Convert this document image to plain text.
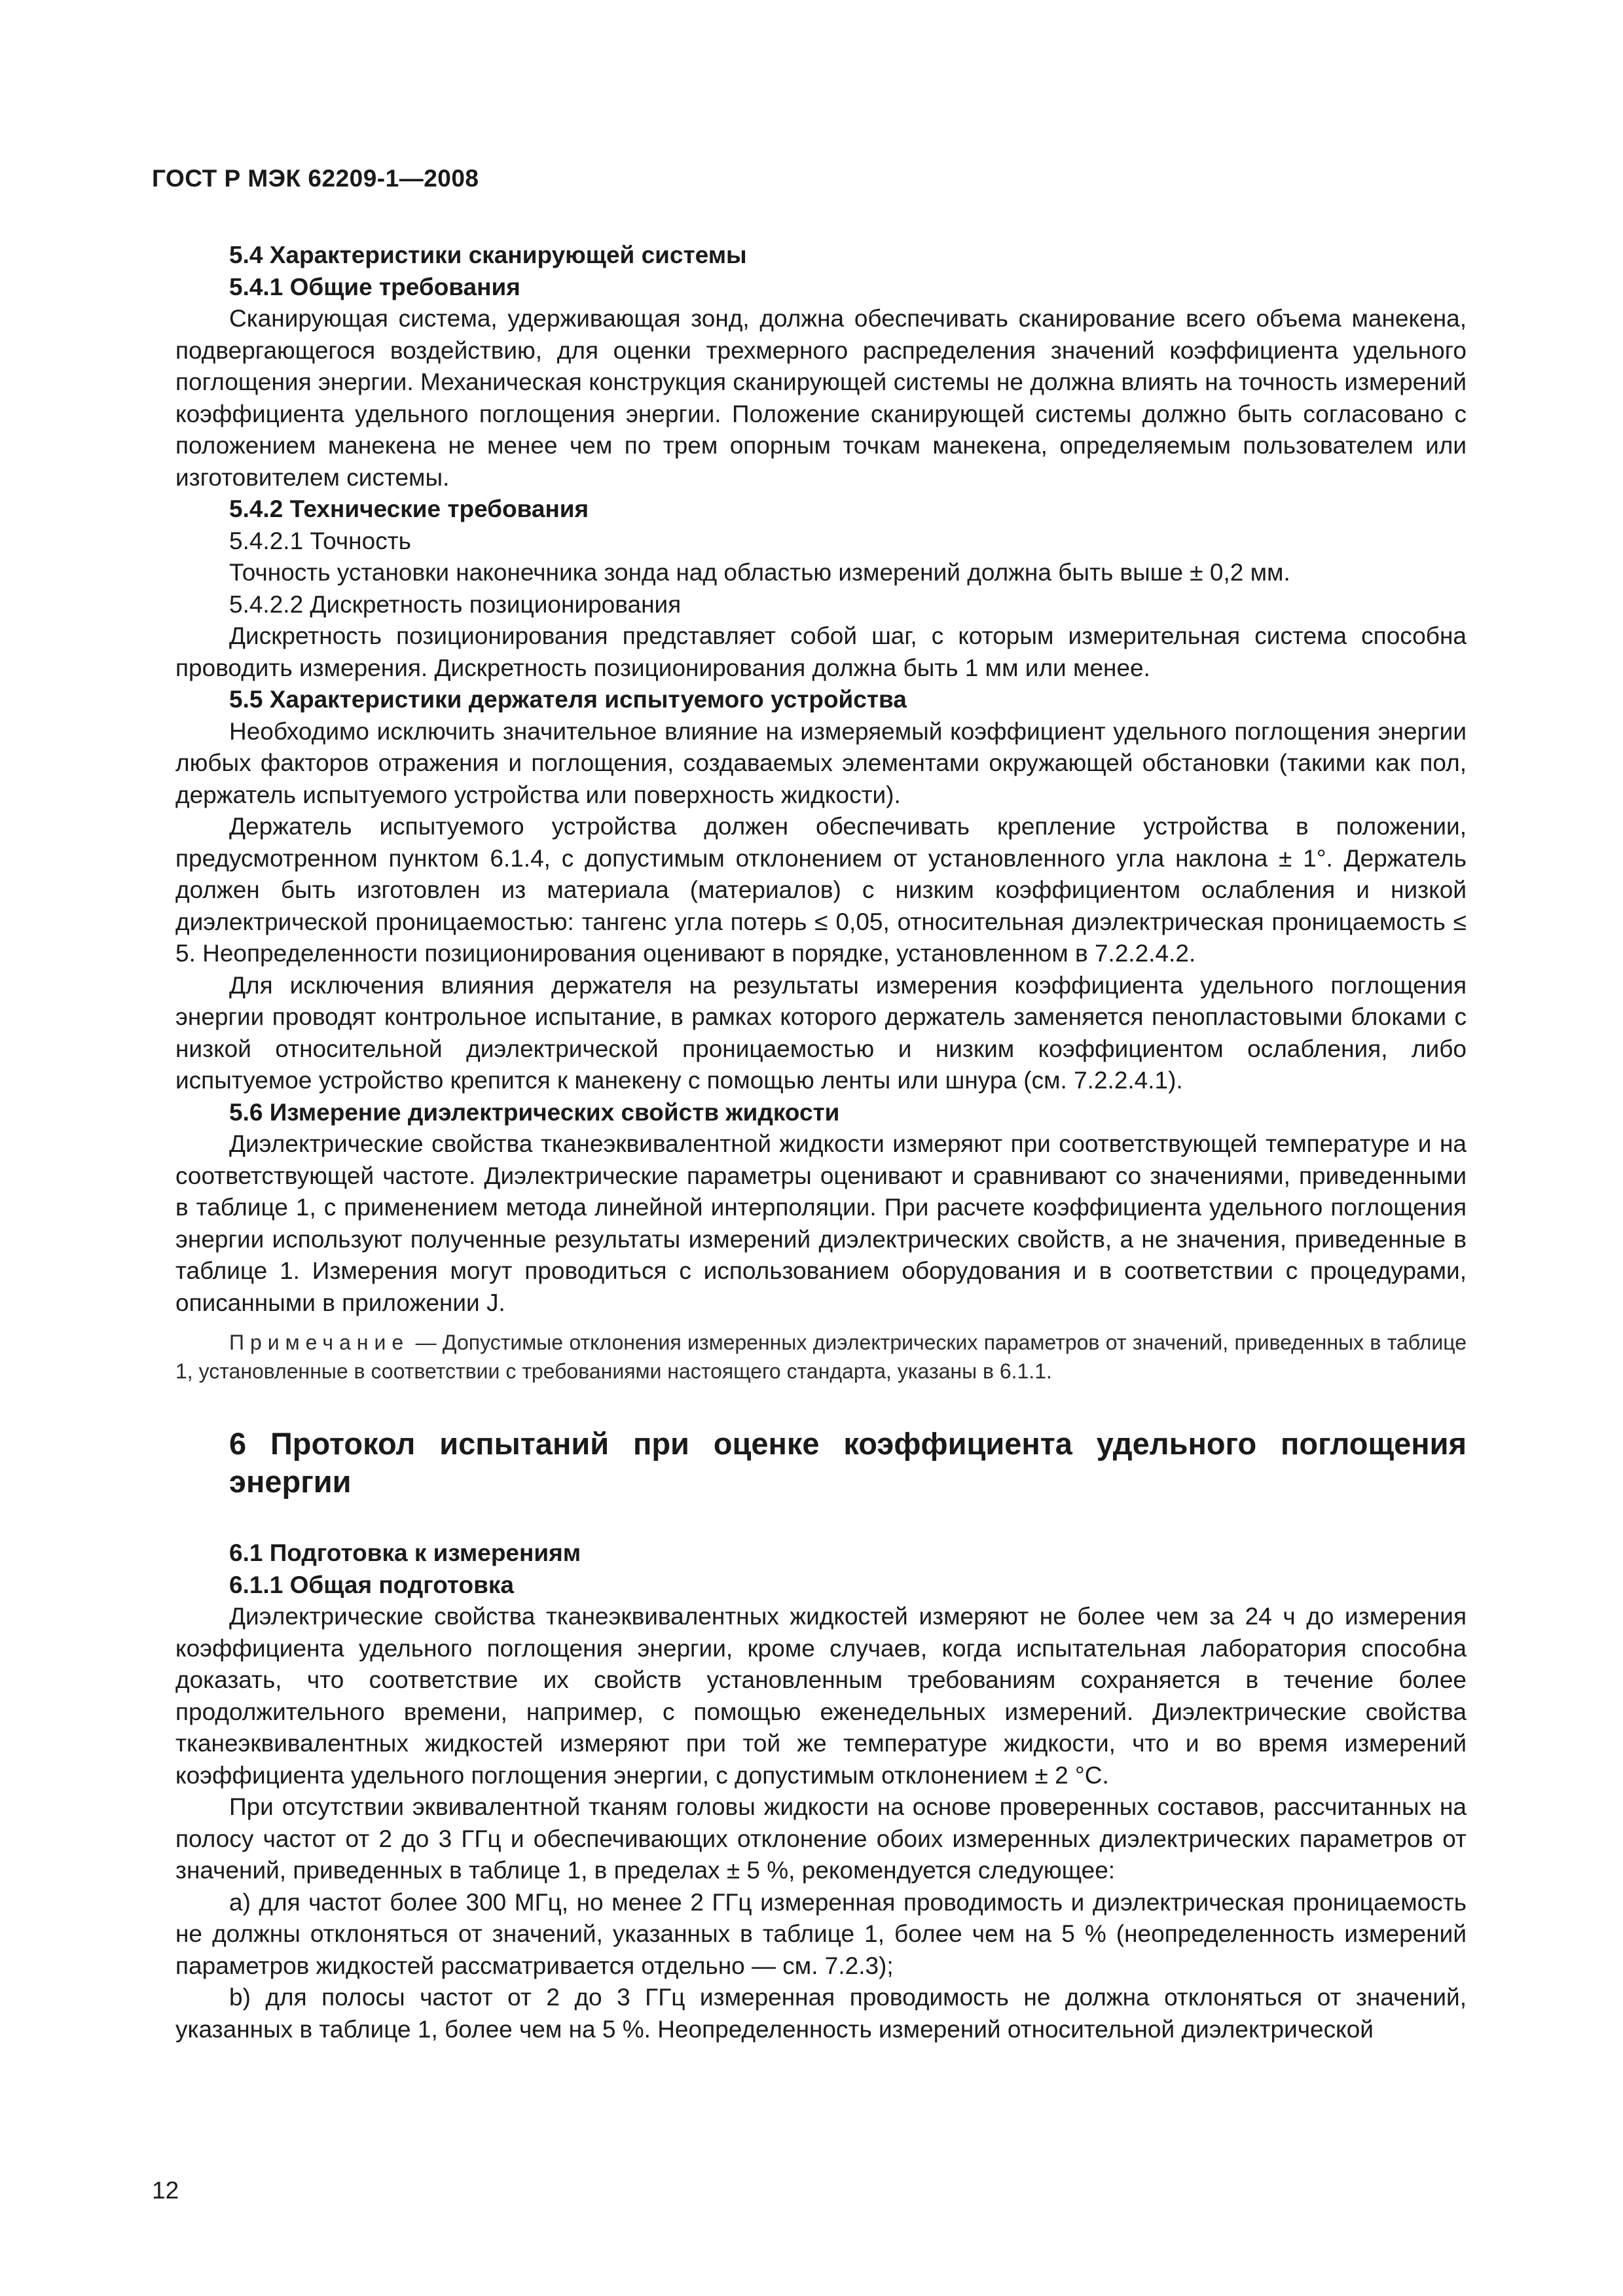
ГОСТ Р МЭК 62209-1—2008

5.4 Характеристики сканирующей системы

5.4.1 Общие требования

Сканирующая система, удерживающая зонд, должна обеспечивать сканирование всего объема манекена, подвергающегося воздействию, для оценки трехмерного распределения значений коэффициента удельного поглощения энергии. Механическая конструкция сканирующей системы не должна влиять на точность измерений коэффициента удельного поглощения энергии. Положение сканирующей системы должно быть согласовано с положением манекена не менее чем по трем опорным точкам манекена, определяемым пользователем или изготовителем системы.

5.4.2 Технические требования

5.4.2.1 Точность

Точность установки наконечника зонда над областью измерений должна быть выше ± 0,2 мм.

5.4.2.2 Дискретность позиционирования

Дискретность позиционирования представляет собой шаг, с которым измерительная система способна проводить измерения. Дискретность позиционирования должна быть 1 мм или менее.

5.5 Характеристики держателя испытуемого устройства

Необходимо исключить значительное влияние на измеряемый коэффициент удельного поглощения энергии любых факторов отражения и поглощения, создаваемых элементами окружающей обстановки (такими как пол, держатель испытуемого устройства или поверхность жидкости).

Держатель испытуемого устройства должен обеспечивать крепление устройства в положении, предусмотренном пунктом 6.1.4, с допустимым отклонением от установленного угла наклона ± 1°. Держатель должен быть изготовлен из материала (материалов) с низким коэффициентом ослабления и низкой диэлектрической проницаемостью: тангенс угла потерь ≤ 0,05, относительная диэлектрическая проницаемость ≤ 5. Неопределенности позиционирования оценивают в порядке, установленном в 7.2.2.4.2.

Для исключения влияния держателя на результаты измерения коэффициента удельного поглощения энергии проводят контрольное испытание, в рамках которого держатель заменяется пенопластовыми блоками с низкой относительной диэлектрической проницаемостью и низким коэффициентом ослабления, либо испытуемое устройство крепится к манекену с помощью ленты или шнура (см. 7.2.2.4.1).

5.6 Измерение диэлектрических свойств жидкости

Диэлектрические свойства тканеэквивалентной жидкости измеряют при соответствующей температуре и на соответствующей частоте. Диэлектрические параметры оценивают и сравнивают со значениями, приведенными в таблице 1, с применением метода линейной интерполяции. При расчете коэффициента удельного поглощения энергии используют полученные результаты измерений диэлектрических свойств, а не значения, приведенные в таблице 1. Измерения могут проводиться с использованием оборудования и в соответствии с процедурами, описанными в приложении J.

Примечание — Допустимые отклонения измеренных диэлектрических параметров от значений, приведенных в таблице 1, установленные в соответствии с требованиями настоящего стандарта, указаны в 6.1.1.

6 Протокол испытаний при оценке коэффициента удельного поглощения энергии

6.1 Подготовка к измерениям

6.1.1 Общая подготовка

Диэлектрические свойства тканеэквивалентных жидкостей измеряют не более чем за 24 ч до измерения коэффициента удельного поглощения энергии, кроме случаев, когда испытательная лаборатория способна доказать, что соответствие их свойств установленным требованиям сохраняется в течение более продолжительного времени, например, с помощью еженедельных измерений. Диэлектрические свойства тканеэквивалентных жидкостей измеряют при той же температуре жидкости, что и во время измерений коэффициента удельного поглощения энергии, с допустимым отклонением ± 2 °С.

При отсутствии эквивалентной тканям головы жидкости на основе проверенных составов, рассчитанных на полосу частот от 2 до 3 ГГц и обеспечивающих отклонение обоих измеренных диэлектрических параметров от значений, приведенных в таблице 1, в пределах ± 5 %, рекомендуется следующее:

a) для частот более 300 МГц, но менее 2 ГГц измеренная проводимость и диэлектрическая проницаемость не должны отклоняться от значений, указанных в таблице 1, более чем на 5 % (неопределенность измерений параметров жидкостей рассматривается отдельно — см. 7.2.3);

b) для полосы частот от 2 до 3 ГГц измеренная проводимость не должна отклоняться от значений, указанных в таблице 1, более чем на 5 %. Неопределенность измерений относительной диэлектрической

12
